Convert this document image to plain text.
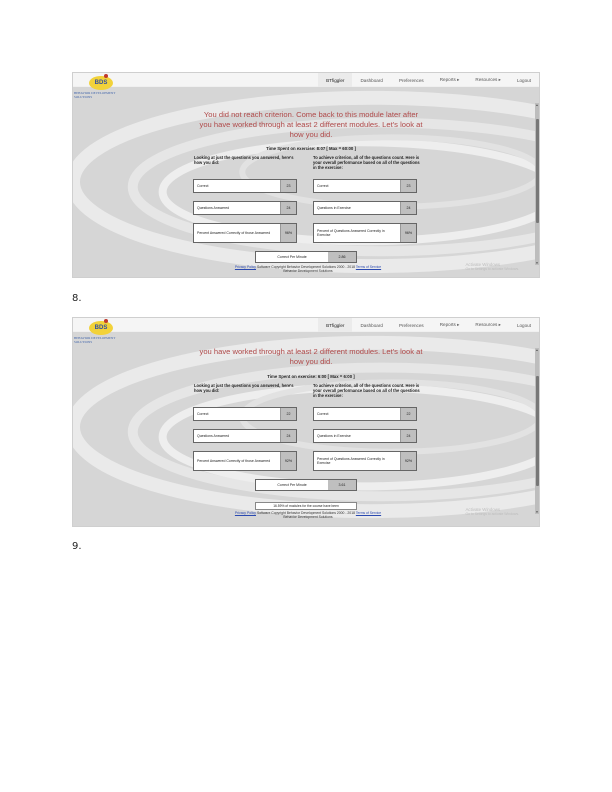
BDS
BEHAVIOR DEVELOPMENT SOLUTIONS
BTfiggler	Dashboard	Preferences	Reports ▸	Resources ▸	Logout
▲
▼
You did not reach criterion. Come back to this module later after
you have worked through at least 2 different modules. Let's look at
how you did.
Time Spent on exercise: 8:07 [ Max = 60:00 ]
Looking at just the questions you answered, here's how you did:
To achieve criterion, all of the questions count. Here is your overall performance based on all of the questions in the exercise:
Correct	23
Questions Answered	24
Percent Answered Correctly of those Answered	96%
Correct	23
Questions in Exercise	24
Percent of Questions Answered Correctly in Exercise	96%
Correct Per Minute	2.86
Privacy Policy Software Copyright Behavior Development Solutions 2000 - 2018 Terms of Service
Behavior Development Solutions
Activate Windows
Go to Settings to activate Windows.
8.
BDS
BEHAVIOR DEVELOPMENT SOLUTIONS
BTfiggler	Dashboard	Preferences	Reports ▸	Resources ▸	Logout
▲
▼
you have worked through at least 2 different modules. Let's look at
how you did.
Time Spent on exercise: 6:00 [ Max = 6:00 ]
Looking at just the questions you answered, here's how you did:
To achieve criterion, all of the questions count. Here is your overall performance based on all of the questions in the exercise:
Correct	22
Questions Answered	24
Percent Answered Correctly of those Answered	92%
Correct	22
Questions in Exercise	24
Percent of Questions Answered Correctly in Exercise	92%
Correct Per Minute	3.61
16.59% of modules for the course have been
Privacy Policy Software Copyright Behavior Development Solutions 2000 - 2018 Terms of Service
Behavior Development Solutions
Activate Windows
Go to Settings to activate Windows.
9.
